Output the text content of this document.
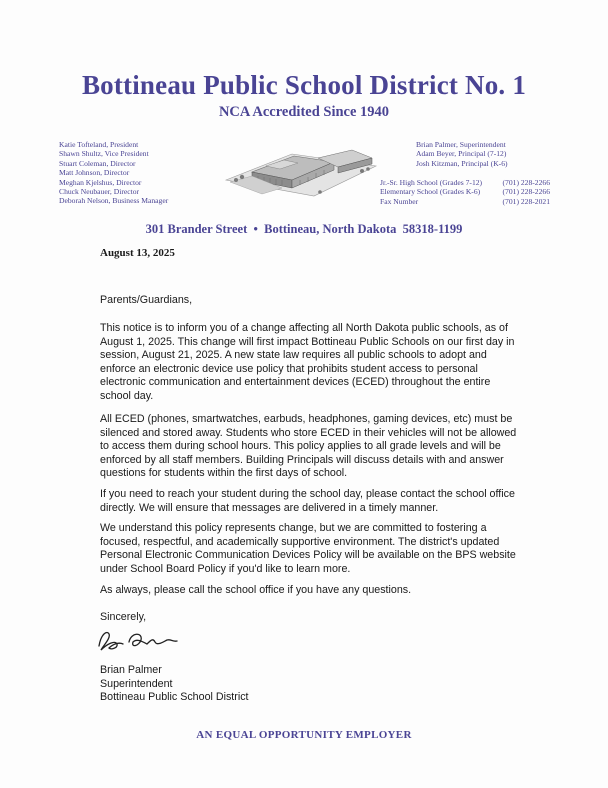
Bottineau Public School District No. 1
NCA Accredited Since 1940
Katie Tofteland, President
Shawn Shultz, Vice President
Stuart Coleman, Director
Matt Johnson, Director
Meghan Kjelshus, Director
Chuck Neubauer, Director
Deborah Nelson, Business Manager
Brian Palmer, Superintendent
Adam Beyer, Principal (7-12)
Josh Kitzman, Principal (K-6)
Jr.-Sr. High School (Grades 7-12)	(701) 228-2266
Elementary School (Grades K-6)	(701) 228-2266
Fax Number	(701) 228-2021
301 Brander Street  •  Bottineau, North Dakota  58318-1199
August 13, 2025

Parents/Guardians,

This notice is to inform you of a change affecting all North Dakota public schools, as of August 1, 2025. This change will first impact Bottineau Public Schools on our first day in session, August 21, 2025. A new state law requires all public schools to adopt and enforce an electronic device use policy that prohibits student access to personal electronic communication and entertainment devices (ECED) throughout the entire school day.

All ECED (phones, smartwatches, earbuds, headphones, gaming devices, etc) must be silenced and stored away. Students who store ECED in their vehicles will not be allowed to access them during school hours. This policy applies to all grade levels and will be enforced by all staff members. Building Principals will discuss details with and answer questions for students within the first days of school.

If you need to reach your student during the school day, please contact the school office directly. We will ensure that messages are delivered in a timely manner.

We understand this policy represents change, but we are committed to fostering a focused, respectful, and academically supportive environment. The district's updated Personal Electronic Communication Devices Policy will be available on the BPS website under School Board Policy if you'd like to learn more.

As always, please call the school office if you have any questions.

Sincerely,

Brian Palmer
Superintendent
Bottineau Public School District
AN EQUAL OPPORTUNITY EMPLOYER
